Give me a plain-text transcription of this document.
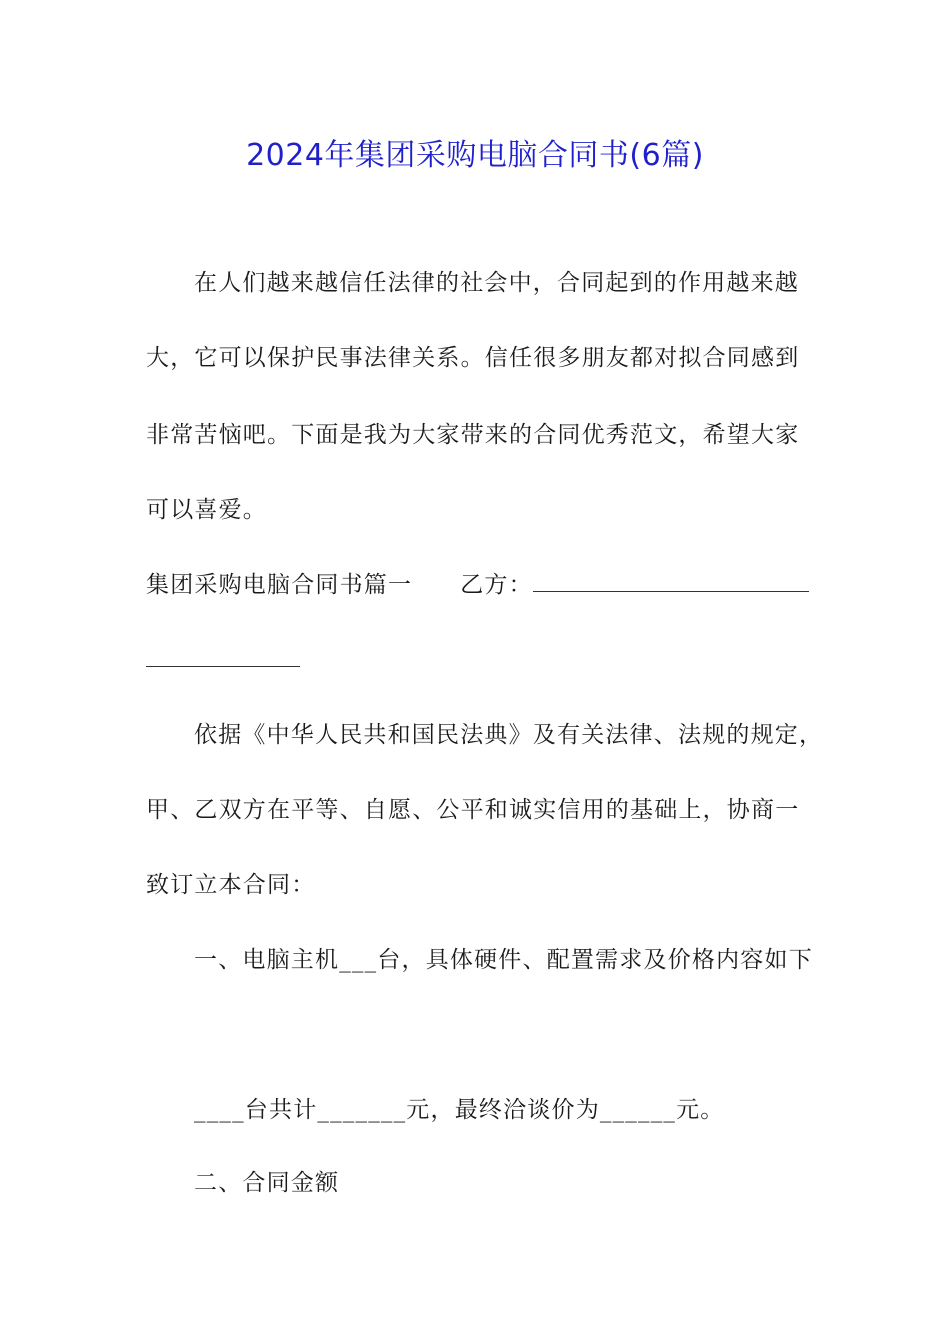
2024年集团采购电脑合同书(6篇)
在人们越来越信任法律的社会中，合同起到的作用越来越
大，它可以保护民事法律关系。信任很多朋友都对拟合同感到
非常苦恼吧。下面是我为大家带来的合同优秀范文，希望大家
可以喜爱。
集团采购电脑合同书篇一 乙方：
依据《中华人民共和国民法典》及有关法律、法规的规定，
甲、乙双方在平等、自愿、公平和诚实信用的基础上，协商一
致订立本合同：
一、电脑主机___台，具体硬件、配置需求及价格内容如下
____台共计_______元，最终洽谈价为______元。
二、合同金额
